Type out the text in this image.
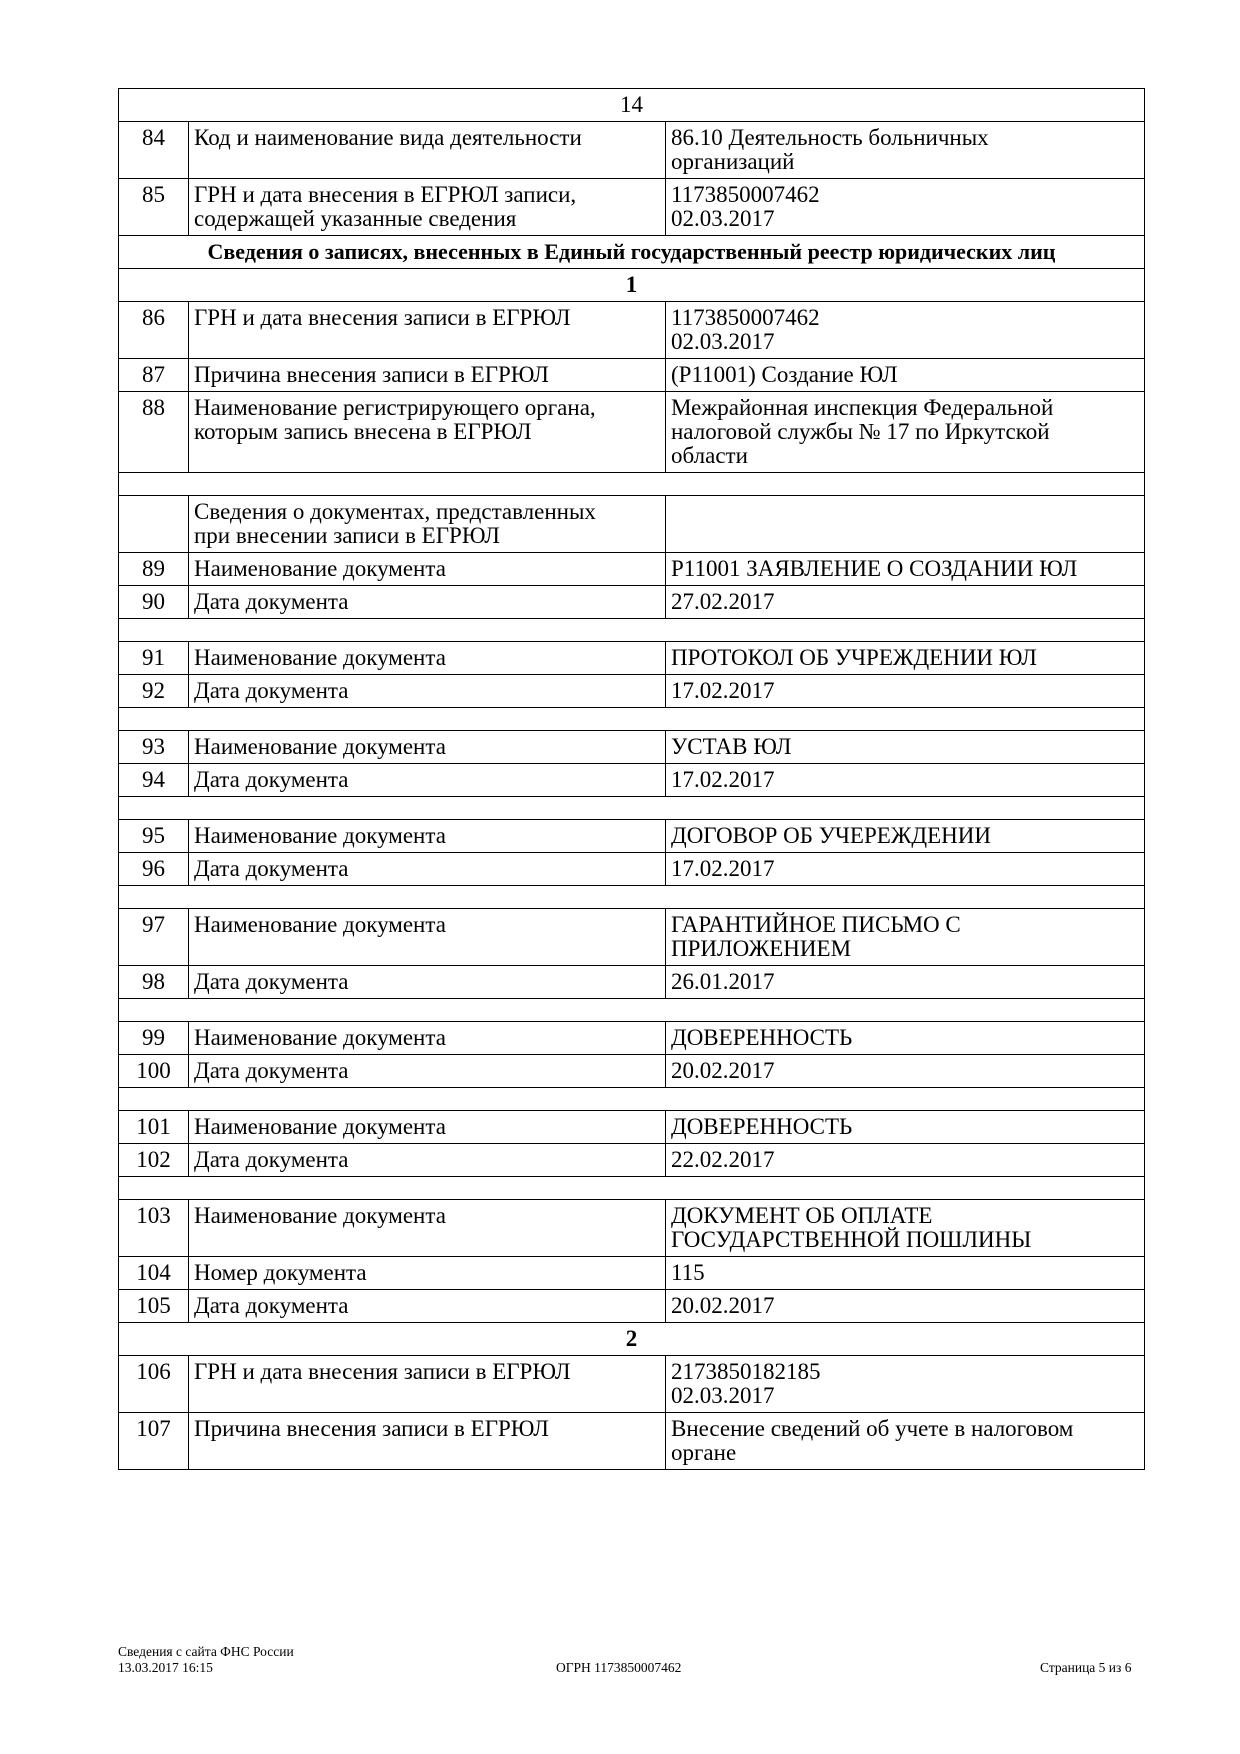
14		
84	Код и наименование вида деятельности	86.10 Деятельность больничных
организаций
85	ГРН и дата внесения в ЕГРЮЛ записи,
содержащей указанные сведения	1173850007462
02.03.2017
Сведения о записях, внесенных в Единый государственный реестр юридических лиц		
1		
86	ГРН и дата внесения записи в ЕГРЮЛ	1173850007462
02.03.2017
87	Причина внесения записи в ЕГРЮЛ	(Р11001) Создание ЮЛ
88	Наименование регистрирующего органа,
которым запись внесена в ЕГРЮЛ	Межрайонная инспекция Федеральной
налоговой службы № 17 по Иркутской
области

	Сведения о документах, представленных
при внесении записи в ЕГРЮЛ	
89	Наименование документа	Р11001 ЗАЯВЛЕНИЕ О СОЗДАНИИ ЮЛ
90	Дата документа	27.02.2017

91	Наименование документа	ПРОТОКОЛ ОБ УЧРЕЖДЕНИИ ЮЛ
92	Дата документа	17.02.2017

93	Наименование документа	УСТАВ ЮЛ
94	Дата документа	17.02.2017

95	Наименование документа	ДОГОВОР ОБ УЧЕРЕЖДЕНИИ
96	Дата документа	17.02.2017

97	Наименование документа	ГАРАНТИЙНОЕ ПИСЬМО С
ПРИЛОЖЕНИЕМ
98	Дата документа	26.01.2017

99	Наименование документа	ДОВЕРЕННОСТЬ
100	Дата документа	20.02.2017

101	Наименование документа	ДОВЕРЕННОСТЬ
102	Дата документа	22.02.2017

103	Наименование документа	ДОКУМЕНТ ОБ ОПЛАТЕ
ГОСУДАРСТВЕННОЙ ПОШЛИНЫ
104	Номер документа	115
105	Дата документа	20.02.2017
2		
106	ГРН и дата внесения записи в ЕГРЮЛ	2173850182185
02.03.2017
107	Причина внесения записи в ЕГРЮЛ	Внесение сведений об учете в налоговом
органе
Сведения с сайта ФНС России
13.03.2017 16:15	ОГРН 1173850007462	Страница 5 из 6
